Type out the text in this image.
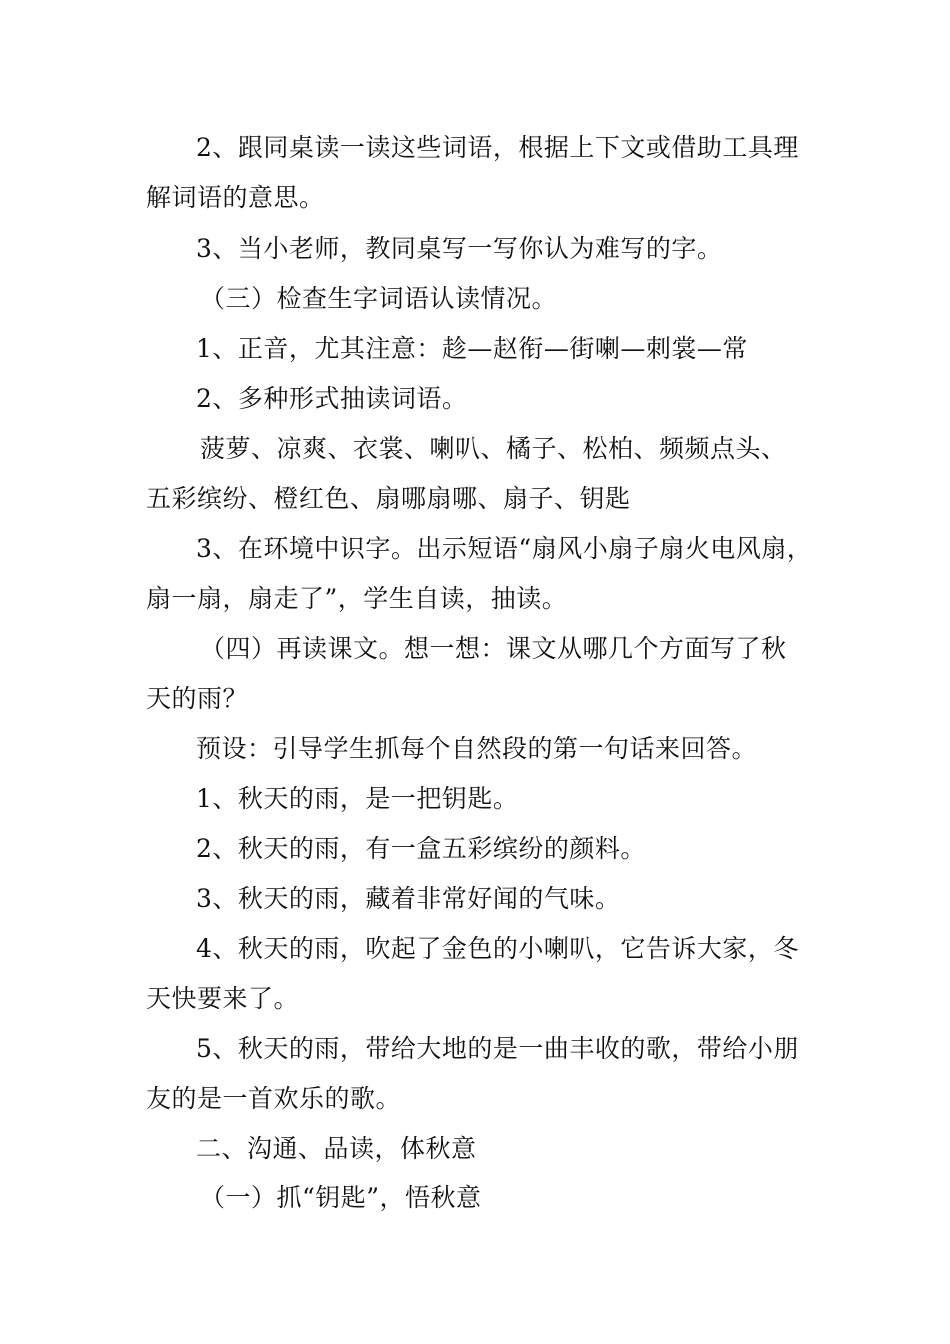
2、跟同桌读一读这些词语，根据上下文或借助工具理
解词语的意思。
3、当小老师，教同桌写一写你认为难写的字。
（三）检查生字词语认读情况。
1、正音，尤其注意：趁—赵衔—街喇—刺裳—常
2、多种形式抽读词语。
菠萝、凉爽、衣裳、喇叭、橘子、松柏、频频点头、
五彩缤纷、橙红色、扇哪扇哪、扇子、钥匙
3、在环境中识字。出示短语“扇风小扇子扇火电风扇，
扇一扇，扇走了”，学生自读，抽读。
（四）再读课文。想一想：课文从哪几个方面写了秋
天的雨？
预设：引导学生抓每个自然段的第一句话来回答。
1、秋天的雨，是一把钥匙。
2、秋天的雨，有一盒五彩缤纷的颜料。
3、秋天的雨，藏着非常好闻的气味。
4、秋天的雨，吹起了金色的小喇叭，它告诉大家，冬
天快要来了。
5、秋天的雨，带给大地的是一曲丰收的歌，带给小朋
友的是一首欢乐的歌。
二、沟通、品读，体秋意
（一）抓“钥匙”，悟秋意
